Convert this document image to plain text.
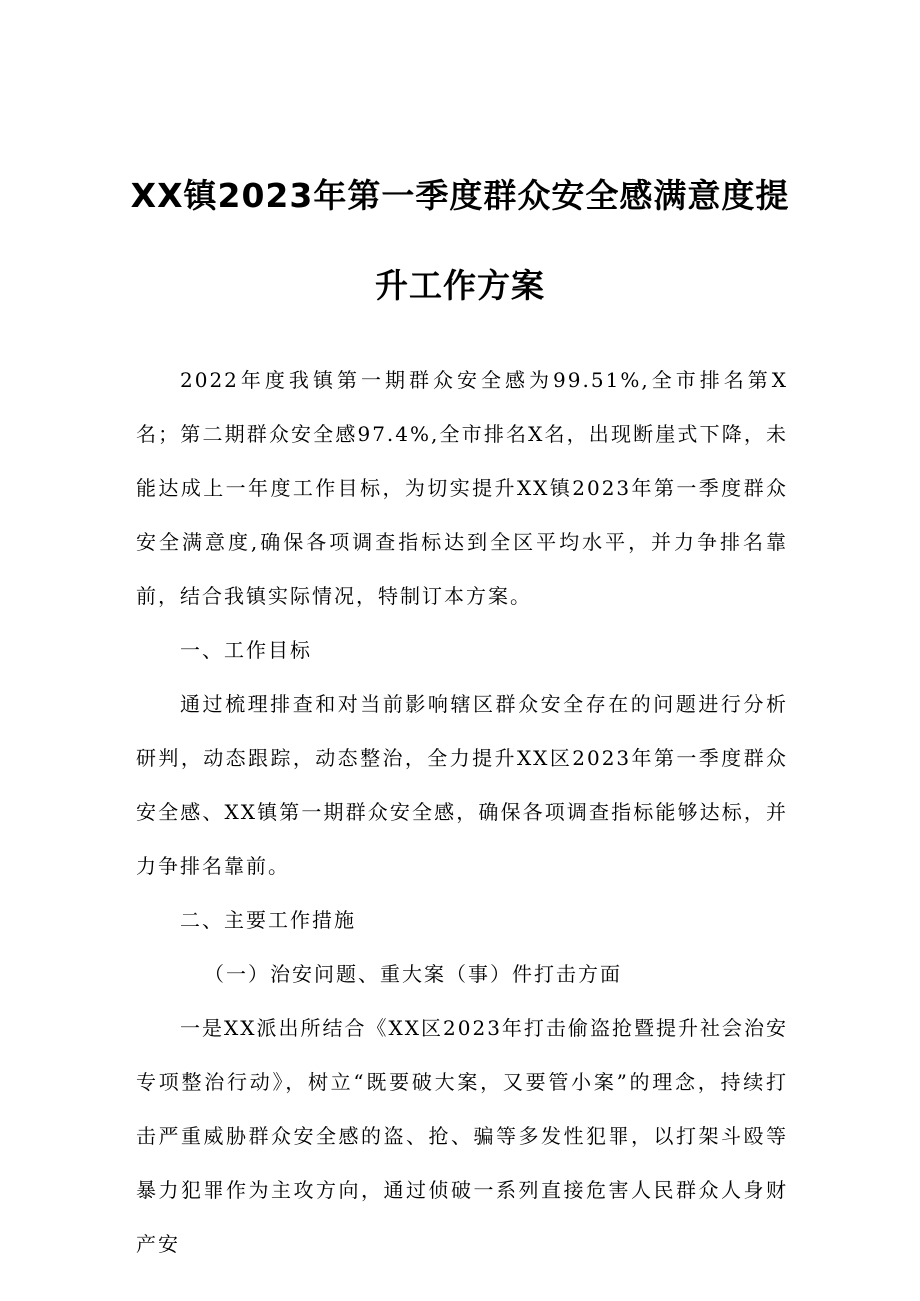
XX镇2023年第一季度群众安全感满意度提
升工作方案

2022年度我镇第一期群众安全感为99.51%,全市排名第X名；第二期群众安全感97.4%,全市排名X名，出现断崖式下降，未能达成上一年度工作目标，为切实提升XX镇2023年第一季度群众安全满意度,确保各项调查指标达到全区平均水平，并力争排名靠前，结合我镇实际情况，特制订本方案。

一、工作目标

通过梳理排查和对当前影响辖区群众安全存在的问题进行分析研判，动态跟踪，动态整治，全力提升XX区2023年第一季度群众安全感、XX镇第一期群众安全感，确保各项调查指标能够达标，并力争排名靠前。

二、主要工作措施

（一）治安问题、重大案（事）件打击方面

一是XX派出所结合《XX区2023年打击偷盗抢暨提升社会治安专项整治行动》，树立“既要破大案，又要管小案”的理念，持续打击严重威胁群众安全感的盗、抢、骗等多发性犯罪，以打架斗殴等暴力犯罪作为主攻方向，通过侦破一系列直接危害人民群众人身财产安
